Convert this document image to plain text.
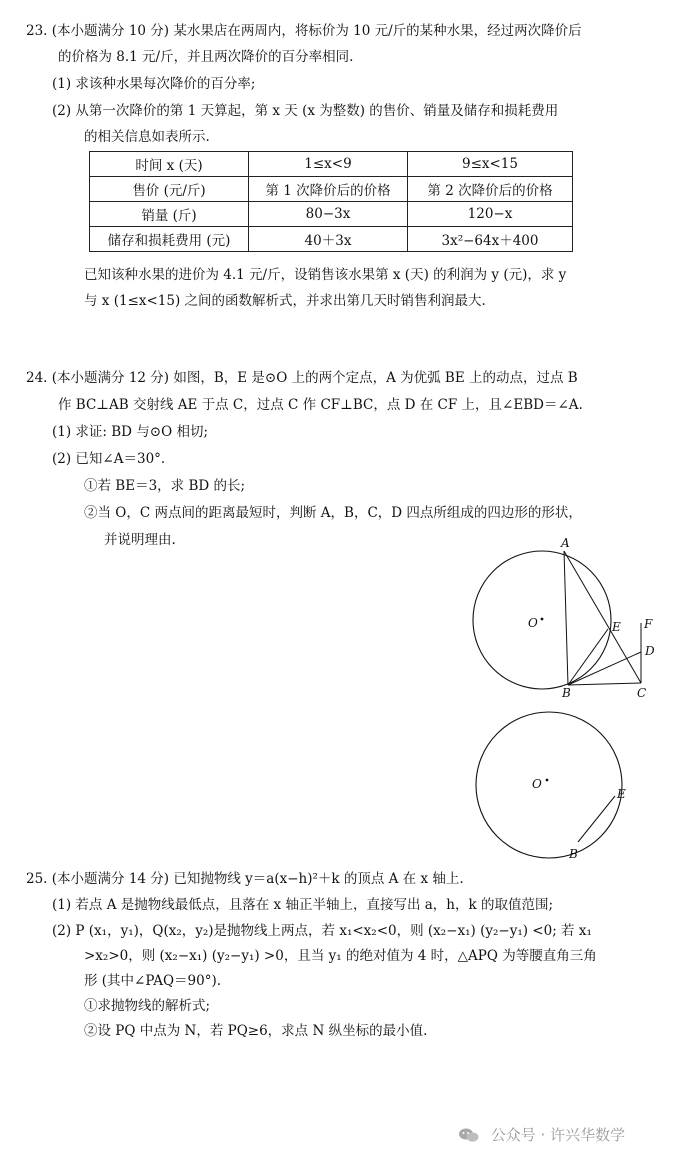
23. (本小题满分 10 分) 某水果店在两周内，将标价为 10 元/斤的某种水果，经过两次降价后
的价格为 8.1 元/斤，并且两次降价的百分率相同.
(1) 求该种水果每次降价的百分率;
(2) 从第一次降价的第 1 天算起，第 x 天 (x 为整数) 的售价、销量及储存和损耗费用
的相关信息如表所示.
时间 x (天)	1≤x<9	9≤x<15
售价 (元/斤)	第 1 次降价后的价格	第 2 次降价后的价格
销量 (斤)	80−3x	120−x
储存和损耗费用 (元)	40＋3x	3x²−64x＋400
已知该种水果的进价为 4.1 元/斤，设销售该水果第 x (天) 的利润为 y (元)，求 y
与 x (1≤x<15) 之间的函数解析式，并求出第几天时销售利润最大.
24. (本小题满分 12 分) 如图，B，E 是⊙O 上的两个定点，A 为优弧 BE 上的动点，过点 B
作 BC⊥AB 交射线 AE 于点 C，过点 C 作 CF⊥BC，点 D 在 CF 上，且∠EBD＝∠A.
(1) 求证: BD 与⊙O 相切;
(2) 已知∠A＝30°.
①若 BE＝3，求 BD 的长;
②当 O，C 两点间的距离最短时，判断 A，B，C，D 四点所组成的四边形的形状，
并说明理由.	A
O	E F
D
B	C
O
E
B
25. (本小题满分 14 分) 已知抛物线 y＝a(x−h)²＋k 的顶点 A 在 x 轴上.
(1) 若点 A 是抛物线最低点，且落在 x 轴正半轴上，直接写出 a，h，k 的取值范围;
(2) P (x₁，y₁)，Q(x₂，y₂)是抛物线上两点，若 x₁<x₂<0，则 (x₂−x₁) (y₂−y₁) <0; 若 x₁
>x₂>0，则 (x₂−x₁) (y₂−y₁) >0，且当 y₁ 的绝对值为 4 时，△APQ 为等腰直角三角
形 (其中∠PAQ＝90°).
①求抛物线的解析式;
②设 PQ 中点为 N，若 PQ≥6，求点 N 纵坐标的最小值.
公众号 · 许兴华数学
